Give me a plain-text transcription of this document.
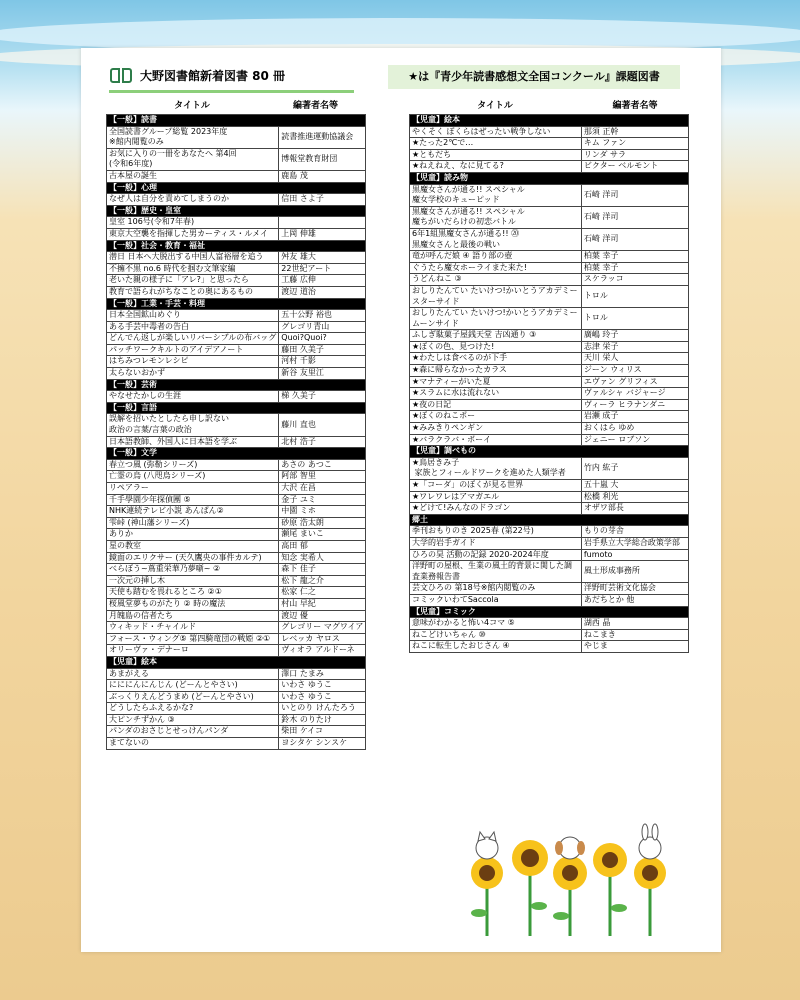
大野図書館新着図書 80 冊	★は『青少年読書感想文全国コンクール』課題図書
タイトル	編著者名等
【一般】読書	
全国読書グループ総覧 2023年度
※館内閲覧のみ	読書推進運動協議会
お気に入りの一冊をあなたへ 第4回
(令和6年度)	博報堂教育財団
古本屋の誕生	鹿島 茂
【一般】心理	
なぜ人は自分を責めてしまうのか	信田 さよ子
【一般】歴史・皇室	
皇室 106号(令和7年春)	
東京大空襲を指揮した男カーティス・ルメイ	上岡 伸雄
【一般】社会・教育・福祉	
潜日 日本へ大脱出する中国人富裕層を追う	舛友 雄大
不擁不黒 no.6 時代を掴む文筆家編	22世紀アート
老いた親の様子に「アレ?」と思ったら	工藤 広伸
教育で語られがちなことの奥にあるもの	渡辺 道治
【一般】工業・手芸・料理	
日本全国鉱山めぐり	五十公野 裕也
ある手芸中毒者の告白	グレゴリ青山
どんでん返しが楽しいリバーシブルの布バッグ	Quoi?Quoi?
パッチワークキルトのアイデアノート	藤田 久美子
はちみつレモンレシピ	河村 千影
太らないおかず	新谷 友里江
【一般】芸術	
やなせたかしの生涯	梯 久美子
【一般】言語	
誤解を招いたとしたら申し訳ない
政治の言葉/言葉の政治	藤川 直也
日本語教師、外国人に日本語を学ぶ	北村 浩子
【一般】文学	
春立つ風 (弥勒シリーズ)	あさの あつこ
亡霊の烏 (八咫烏シリーズ)	阿部 智里
リペアラー	大沢 在昌
千手學園少年探偵團 ⑤	金子 ユミ
NHK連続テレビ小説 あんぱん②	中園 ミホ
雫峠 (神山藩シリーズ)	砂原 浩太朗
ありか	瀬尾 まいこ
星の教室	高田 郁
鏡面のエリクサー (天久鷹央の事件カルテ)	知念 実希人
べらぼう~蔦重栄華乃夢噺~ ②	森下 佳子
一次元の挿し木	松下 龍之介
天使も踏むを畏れるところ ②①	松家 仁之
桜風堂夢ものがたり ② 時の魔法	村山 早紀
月魄島の信者たち	渡辺 優
ウィキッド・チャイルド	グレゴリー マグワイア
フォース・ウィング⑤ 第四騎竜団の戦姫 ②①	レベッカ ヤロス
オリーヴァ・デナーロ	ヴィオラ アルドーネ
【児童】絵本	
あまがえる	澤口 たまみ
にににんにんじん (どーんとやさい)	いわさ ゆうこ
ぶっくりえんどうまめ (どーんとやさい)	いわさ ゆうこ
どうしたらふえるかな?	いとのり けんたろう
大ピンチずかん ③	鈴木 のりたけ
パンダのおさじとせっけんパンダ	柴田 ケイコ
まてないの	ヨシタケ シンスケ
タイトル	編著者名等
【児童】絵本	
やくそく ぼくらはぜったい戦争しない	那須 正幹
★たった2℃で…	キム ファン
★ともだち	リンダ サラ
★ねえねえ、なに見てる?	ビクター ベルモント
【児童】読み物	
黒魔女さんが通る!! スペシャル
魔女学校のキューピッド	石崎 洋司
黒魔女さんが通る!! スペシャル
魔ちがいだらけの初恋バトル	石崎 洋司
6年1組黒魔女さんが通る!! ⑳
黒魔女さんと最後の戦い	石崎 洋司
竜が呼んだ娘 ④ 語り部の壺	柏葉 幸子
ぐうたら魔女ホーライまた来た!	柏葉 幸子
うどんねこ ③	スケラッコ
おしりたんてい たいけつ!かいとうアカデミー
スターサイド	トロル
おしりたんてい たいけつ!かいとうアカデミー
ムーンサイド	トロル
ふしぎ駄菓子屋銭天堂 吉凶通り ③	廣嶋 玲子
★ぼくの色、見つけた!	志津 栄子
★わたしは食べるのが下手	天川 栄人
★森に帰らなかったカラス	ジーン ウィリス
★マナティーがいた夏	エヴァン グリフィス
★スラムに水は流れない	ヴァルシャ バジャージ
★夜の日記	ヴィーラ ヒラナンダニ
★ぼくのねこポー	岩瀬 成子
★みみきりペンギン	おくはら ゆめ
★バラクラバ・ボーイ	ジェニー ロブソン
【児童】調べもの	
★鳥居きみ子
家族とフィールドワークを進めた人類学者	竹内 紘子
★「コーダ」のぼくが見る世界	五十嵐 大
★ワレワレはアマガエル	松橋 利光
★どけて!みんなのドラゴン	オザワ部長
郷土	
季刊おもりのき 2025春 (第22号)	もりの芽舎
大学的岩手ガイド	岩手県立大学総合政策学部
ひろの昊 活動の記録 2020-2024年度	fumoto
洋野町の屋根、生業の風土的背景に関した調
査業務報告書	風土形成事務所
芸文ひろの 第18号※館内閲覧のみ	洋野町芸術文化協会
コミックいわてSaccola	あだちとか 他
【児童】コミック	
意味がわかると怖い4コマ ⑤	湖西 晶
ねこどけいちゃん ⑩	ねこまき
ねこに転生したおじさん ④	やじま
